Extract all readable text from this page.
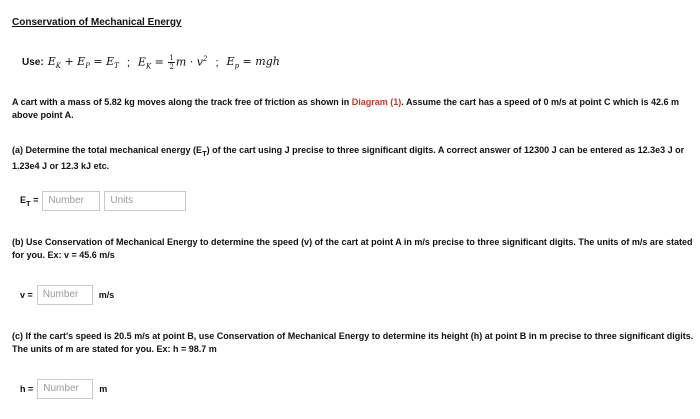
Conservation of Mechanical Energy
Use: $E_K + E_P = E_T$ ; $E_K = \frac{1}{2}$ $m \cdot v^2$ ; $E_p$ = mgh
A cart with a mass of 5.82 kg moves along the track free of friction as shown in Diagram (1). Assume the cart has a speed of 0 m/s at point C which is 42.6 m above point A.
(a) Determine the total mechanical energy $(E_T)$ of the cart using J precise to three significant digits. A correct answer of 12300 J can be entered as 12.3e3 J or 1.23e4 J or 12.3 kJ etc.
$E_T$ =	Number	Units
(b) Use Conservation of Mechanical Energy to determine the speed (v) of the cart at point A in m/s precise to three significant digits. The units of m/s are stated for you. Ex: v = 45.6 m/s
v =	Number	m/s
(c) If the cart's speed is 20.5 m/s at point B, use Conservation of Mechanical Energy to determine its height (h) at point B in m precise to three significant digits. The units of m are stated for you. Ex: h = 98.7 m
h =	Number	m
